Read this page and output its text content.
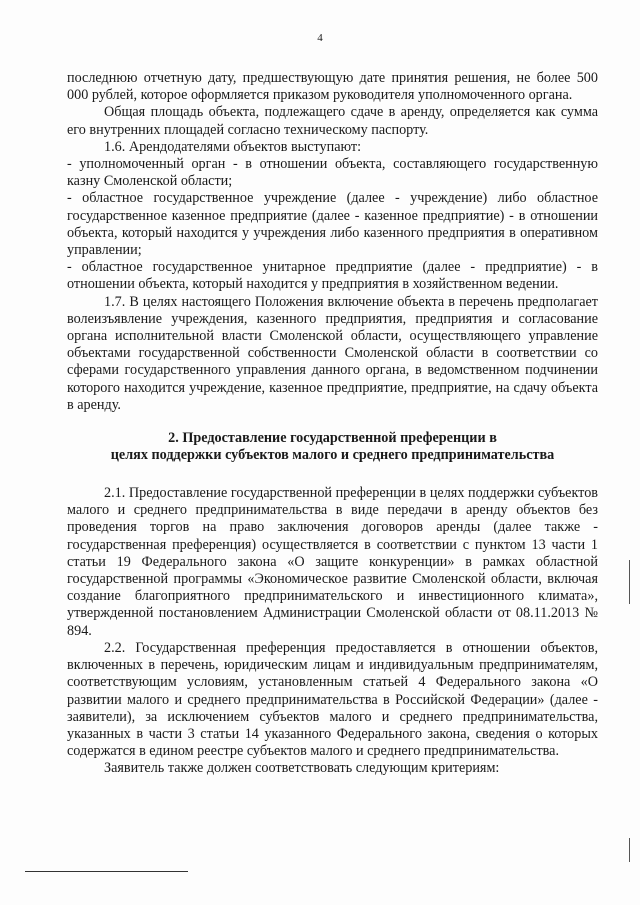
4

последнюю отчетную дату, предшествующую дате принятия решения, не более 500 000 рублей, которое оформляется приказом руководителя уполномоченного органа.

Общая площадь объекта, подлежащего сдаче в аренду, определяется как сумма его внутренних площадей согласно техническому паспорту.

1.6. Арендодателями объектов выступают:

- уполномоченный орган - в отношении объекта, составляющего государственную казну Смоленской области;

- областное государственное учреждение (далее - учреждение) либо областное государственное казенное предприятие (далее - казенное предприятие) - в отношении объекта, который находится у учреждения либо казенного предприятия в оперативном управлении;

- областное государственное унитарное предприятие (далее - предприятие) - в отношении объекта, который находится у предприятия в хозяйственном ведении.

1.7. В целях настоящего Положения включение объекта в перечень предполагает волеизъявление учреждения, казенного предприятия, предприятия и согласование органа исполнительной власти Смоленской области, осуществляющего управление объектами государственной собственности Смоленской области в соответствии со сферами государственного управления данного органа, в ведомственном подчинении которого находится учреждение, казенное предприятие, предприятие, на сдачу объекта в аренду.

2. Предоставление государственной преференции в
целях поддержки субъектов малого и среднего предпринимательства

2.1. Предоставление государственной преференции в целях поддержки субъектов малого и среднего предпринимательства в виде передачи в аренду объектов без проведения торгов на право заключения договоров аренды (далее также - государственная преференция) осуществляется в соответствии с пунктом 13 части 1 статьи 19 Федерального закона «О защите конкуренции» в рамках областной государственной программы «Экономическое развитие Смоленской области, включая создание благоприятного предпринимательского и инвестиционного климата», утвержденной постановлением Администрации Смоленской области от 08.11.2013 № 894.

2.2. Государственная преференция предоставляется в отношении объектов, включенных в перечень, юридическим лицам и индивидуальным предпринимателям, соответствующим условиям, установленным статьей 4 Федерального закона «О развитии малого и среднего предпринимательства в Российской Федерации» (далее - заявители), за исключением субъектов малого и среднего предпринимательства, указанных в части 3 статьи 14 указанного Федерального закона, сведения о которых содержатся в едином реестре субъектов малого и среднего предпринимательства.

Заявитель также должен соответствовать следующим критериям:
